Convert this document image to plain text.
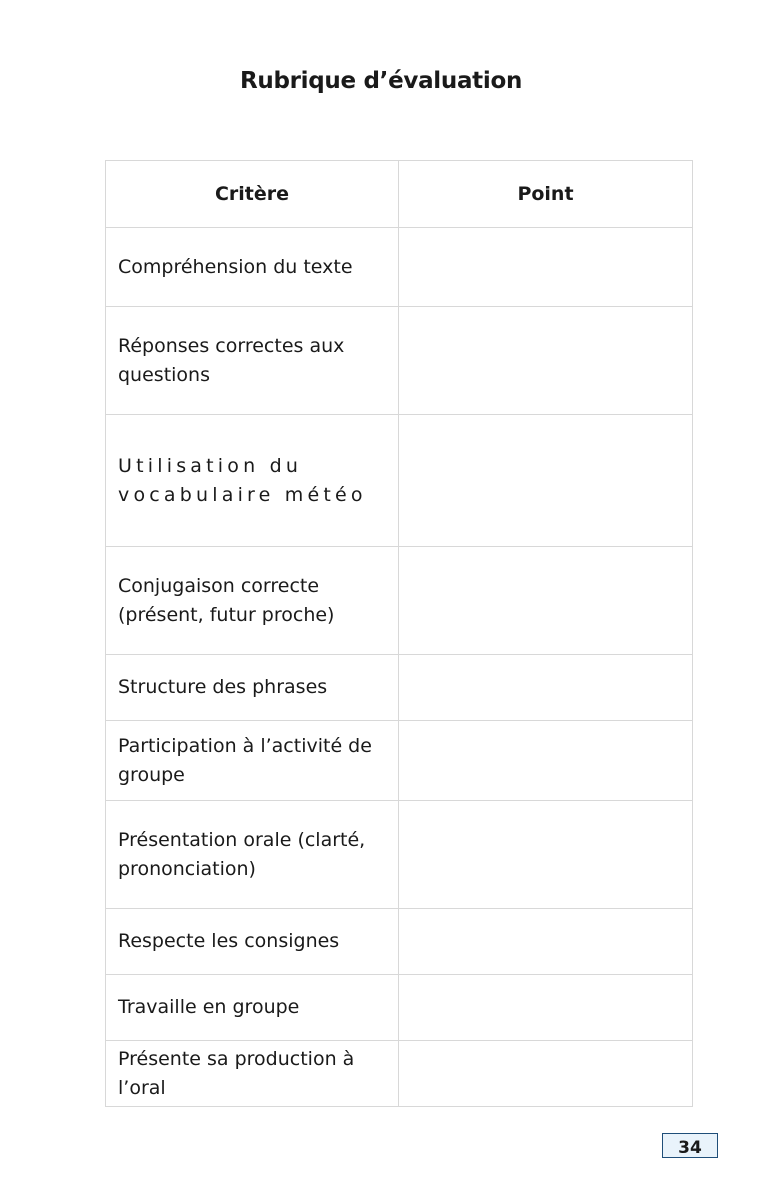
Rubrique d’évaluation
Critère	Point
Compréhension du texte	
Réponses correctes aux questions	
Utilisation du vocabulaire météo	
Conjugaison correcte (présent, futur proche)	
Structure des phrases	
Participation à l’activité de groupe	
Présentation orale (clarté, prononciation)	
Respecte les consignes	
Travaille en groupe	
Présente sa production à l’oral	
34
